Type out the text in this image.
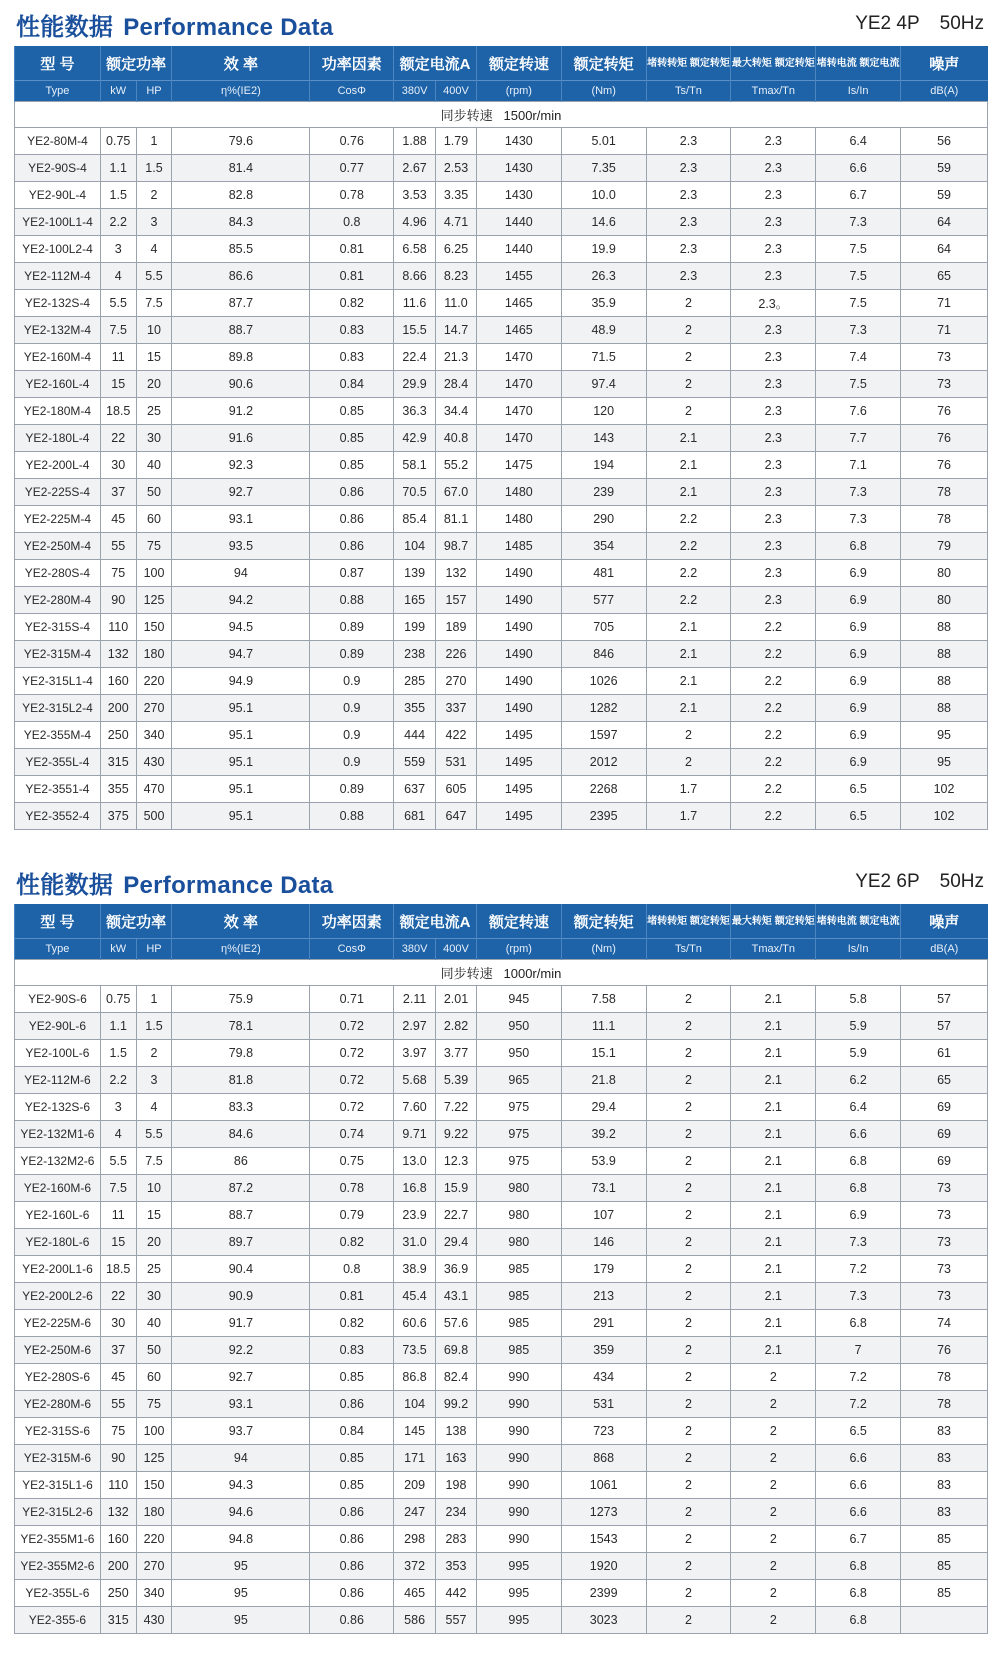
性能数据 Performance Data	YE2 4P 50Hz
型 号	额定功率		效 率	功率因素	额定电流A		额定转速	额定转矩	堵转转矩 额定转矩	最大转矩 额定转矩	堵转电流 额定电流	噪声
Type	kW	HP	η%(IE2)	CosΦ	380V	400V	(rpm)	(Nm)	Ts/Tn	Tmax/Tn	Is/In	dB(A)
同步转速 1500r/min												
YE2-80M-4	0.75	1	79.6	0.76	1.88	1.79	1430	5.01	2.3	2.3	6.4	56
YE2-90S-4	1.1	1.5	81.4	0.77	2.67	2.53	1430	7.35	2.3	2.3	6.6	59
YE2-90L-4	1.5	2	82.8	0.78	3.53	3.35	1430	10.0	2.3	2.3	6.7	59
YE2-100L1-4	2.2	3	84.3	0.8	4.96	4.71	1440	14.6	2.3	2.3	7.3	64
YE2-100L2-4	3	4	85.5	0.81	6.58	6.25	1440	19.9	2.3	2.3	7.5	64
YE2-112M-4	4	5.5	86.6	0.81	8.66	8.23	1455	26.3	2.3	2.3	7.5	65
YE2-132S-4	5.5	7.5	87.7	0.82	11.6	11.0	1465	35.9	2	2.3。	7.5	71
YE2-132M-4	7.5	10	88.7	0.83	15.5	14.7	1465	48.9	2	2.3	7.3	71
YE2-160M-4	11	15	89.8	0.83	22.4	21.3	1470	71.5	2	2.3	7.4	73
YE2-160L-4	15	20	90.6	0.84	29.9	28.4	1470	97.4	2	2.3	7.5	73
YE2-180M-4	18.5	25	91.2	0.85	36.3	34.4	1470	120	2	2.3	7.6	76
YE2-180L-4	22	30	91.6	0.85	42.9	40.8	1470	143	2.1	2.3	7.7	76
YE2-200L-4	30	40	92.3	0.85	58.1	55.2	1475	194	2.1	2.3	7.1	76
YE2-225S-4	37	50	92.7	0.86	70.5	67.0	1480	239	2.1	2.3	7.3	78
YE2-225M-4	45	60	93.1	0.86	85.4	81.1	1480	290	2.2	2.3	7.3	78
YE2-250M-4	55	75	93.5	0.86	104	98.7	1485	354	2.2	2.3	6.8	79
YE2-280S-4	75	100	94	0.87	139	132	1490	481	2.2	2.3	6.9	80
YE2-280M-4	90	125	94.2	0.88	165	157	1490	577	2.2	2.3	6.9	80
YE2-315S-4	110	150	94.5	0.89	199	189	1490	705	2.1	2.2	6.9	88
YE2-315M-4	132	180	94.7	0.89	238	226	1490	846	2.1	2.2	6.9	88
YE2-315L1-4	160	220	94.9	0.9	285	270	1490	1026	2.1	2.2	6.9	88
YE2-315L2-4	200	270	95.1	0.9	355	337	1490	1282	2.1	2.2	6.9	88
YE2-355M-4	250	340	95.1	0.9	444	422	1495	1597	2	2.2	6.9	95
YE2-355L-4	315	430	95.1	0.9	559	531	1495	2012	2	2.2	6.9	95
YE2-3551-4	355	470	95.1	0.89	637	605	1495	2268	1.7	2.2	6.5	102
YE2-3552-4	375	500	95.1	0.88	681	647	1495	2395	1.7	2.2	6.5	102
性能数据 Performance Data	YE2 6P 50Hz
型 号	额定功率		效 率	功率因素	额定电流A		额定转速	额定转矩	堵转转矩 额定转矩	最大转矩 额定转矩	堵转电流 额定电流	噪声
Type	kW	HP	η%(IE2)	CosΦ	380V	400V	(rpm)	(Nm)	Ts/Tn	Tmax/Tn	Is/In	dB(A)
同步转速 1000r/min												
YE2-90S-6	0.75	1	75.9	0.71	2.11	2.01	945	7.58	2	2.1	5.8	57
YE2-90L-6	1.1	1.5	78.1	0.72	2.97	2.82	950	11.1	2	2.1	5.9	57
YE2-100L-6	1.5	2	79.8	0.72	3.97	3.77	950	15.1	2	2.1	5.9	61
YE2-112M-6	2.2	3	81.8	0.72	5.68	5.39	965	21.8	2	2.1	6.2	65
YE2-132S-6	3	4	83.3	0.72	7.60	7.22	975	29.4	2	2.1	6.4	69
YE2-132M1-6	4	5.5	84.6	0.74	9.71	9.22	975	39.2	2	2.1	6.6	69
YE2-132M2-6	5.5	7.5	86	0.75	13.0	12.3	975	53.9	2	2.1	6.8	69
YE2-160M-6	7.5	10	87.2	0.78	16.8	15.9	980	73.1	2	2.1	6.8	73
YE2-160L-6	11	15	88.7	0.79	23.9	22.7	980	107	2	2.1	6.9	73
YE2-180L-6	15	20	89.7	0.82	31.0	29.4	980	146	2	2.1	7.3	73
YE2-200L1-6	18.5	25	90.4	0.8	38.9	36.9	985	179	2	2.1	7.2	73
YE2-200L2-6	22	30	90.9	0.81	45.4	43.1	985	213	2	2.1	7.3	73
YE2-225M-6	30	40	91.7	0.82	60.6	57.6	985	291	2	2.1	6.8	74
YE2-250M-6	37	50	92.2	0.83	73.5	69.8	985	359	2	2.1	7	76
YE2-280S-6	45	60	92.7	0.85	86.8	82.4	990	434	2	2	7.2	78
YE2-280M-6	55	75	93.1	0.86	104	99.2	990	531	2	2	7.2	78
YE2-315S-6	75	100	93.7	0.84	145	138	990	723	2	2	6.5	83
YE2-315M-6	90	125	94	0.85	171	163	990	868	2	2	6.6	83
YE2-315L1-6	110	150	94.3	0.85	209	198	990	1061	2	2	6.6	83
YE2-315L2-6	132	180	94.6	0.86	247	234	990	1273	2	2	6.6	83
YE2-355M1-6	160	220	94.8	0.86	298	283	990	1543	2	2	6.7	85
YE2-355M2-6	200	270	95	0.86	372	353	995	1920	2	2	6.8	85
YE2-355L-6	250	340	95	0.86	465	442	995	2399	2	2	6.8	85
YE2-355-6	315	430	95	0.86	586	557	995	3023	2	2	6.8	
